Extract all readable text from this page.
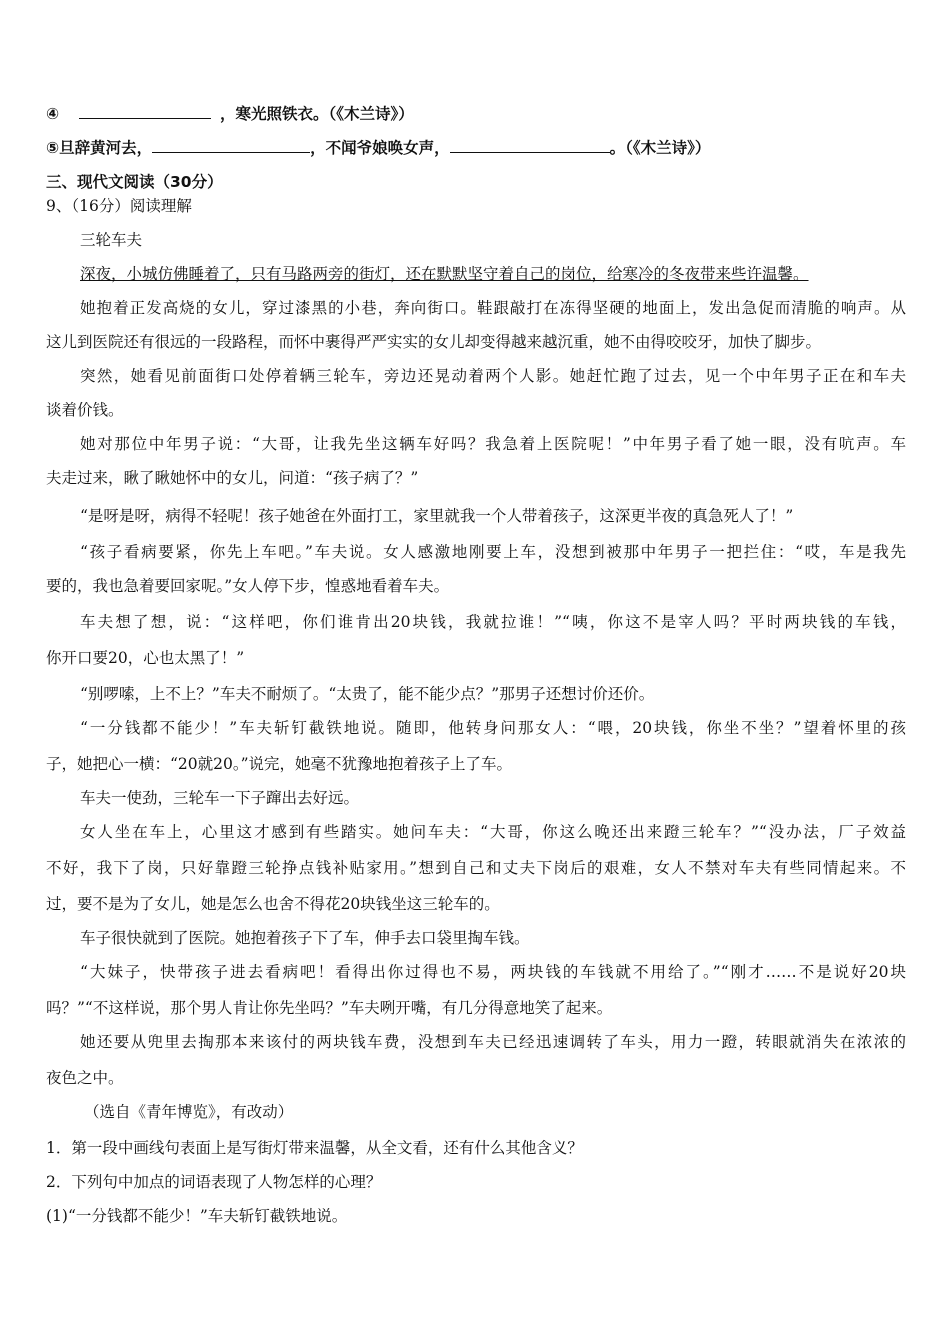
④	，寒光照铁衣。（《木兰诗》）
⑤旦辞黄河去，	，不闻爷娘唤女声，	。（《木兰诗》）
三、现代文阅读（30分）
9、（16分）阅读理解
三轮车夫
深夜，小城仿佛睡着了，只有马路两旁的街灯，还在默默坚守着自己的岗位，给寒冷的冬夜带来些许温馨。
她抱着正发高烧的女儿，穿过漆黑的小巷，奔向街口。鞋跟敲打在冻得坚硬的地面上，发出急促而清脆的响声。从
这儿到医院还有很远的一段路程，而怀中裹得严严实实的女儿却变得越来越沉重，她不由得咬咬牙，加快了脚步。
突然，她看见前面街口处停着辆三轮车，旁边还晃动着两个人影。她赶忙跑了过去，见一个中年男子正在和车夫
谈着价钱。
她对那位中年男子说：“大哥，让我先坐这辆车好吗？我急着上医院呢！”中年男子看了她一眼，没有吭声。车
夫走过来，瞅了瞅她怀中的女儿，问道：“孩子病了？”
“是呀是呀，病得不轻呢！孩子她爸在外面打工，家里就我一个人带着孩子，这深更半夜的真急死人了！”
“孩子看病要紧，你先上车吧。”车夫说。女人感激地刚要上车，没想到被那中年男子一把拦住：“哎，车是我先
要的，我也急着要回家呢。”女人停下步，惶惑地看着车夫。
车夫想了想，说：“这样吧，你们谁肯出20块钱，我就拉谁！”“咦，你这不是宰人吗？平时两块钱的车钱，
你开口要20，心也太黑了！”
“别啰嗦，上不上？”车夫不耐烦了。“太贵了，能不能少点？”那男子还想讨价还价。
“一分钱都不能少！”车夫斩钉截铁地说。随即，他转身问那女人：“喂，20块钱，你坐不坐？”望着怀里的孩
子，她把心一横：“20就20。”说完，她毫不犹豫地抱着孩子上了车。
车夫一使劲，三轮车一下子蹿出去好远。
女人坐在车上，心里这才感到有些踏实。她问车夫：“大哥，你这么晚还出来蹬三轮车？”“没办法，厂子效益
不好，我下了岗，只好靠蹬三轮挣点钱补贴家用。”想到自己和丈夫下岗后的艰难，女人不禁对车夫有些同情起来。不
过，要不是为了女儿，她是怎么也舍不得花20块钱坐这三轮车的。
车子很快就到了医院。她抱着孩子下了车，伸手去口袋里掏车钱。
“大妹子，快带孩子进去看病吧！看得出你过得也不易，两块钱的车钱就不用给了。”“刚才……不是说好20块
吗？”“不这样说，那个男人肯让你先坐吗？”车夫咧开嘴，有几分得意地笑了起来。
她还要从兜里去掏那本来该付的两块钱车费，没想到车夫已经迅速调转了车头，用力一蹬，转眼就消失在浓浓的
夜色之中。
（选自《青年博览》，有改动）
1．第一段中画线句表面上是写街灯带来温馨，从全文看，还有什么其他含义？
2．下列句中加点的词语表现了人物怎样的心理？
(1)“一分钱都不能少！”车夫斩钉截铁地说。
